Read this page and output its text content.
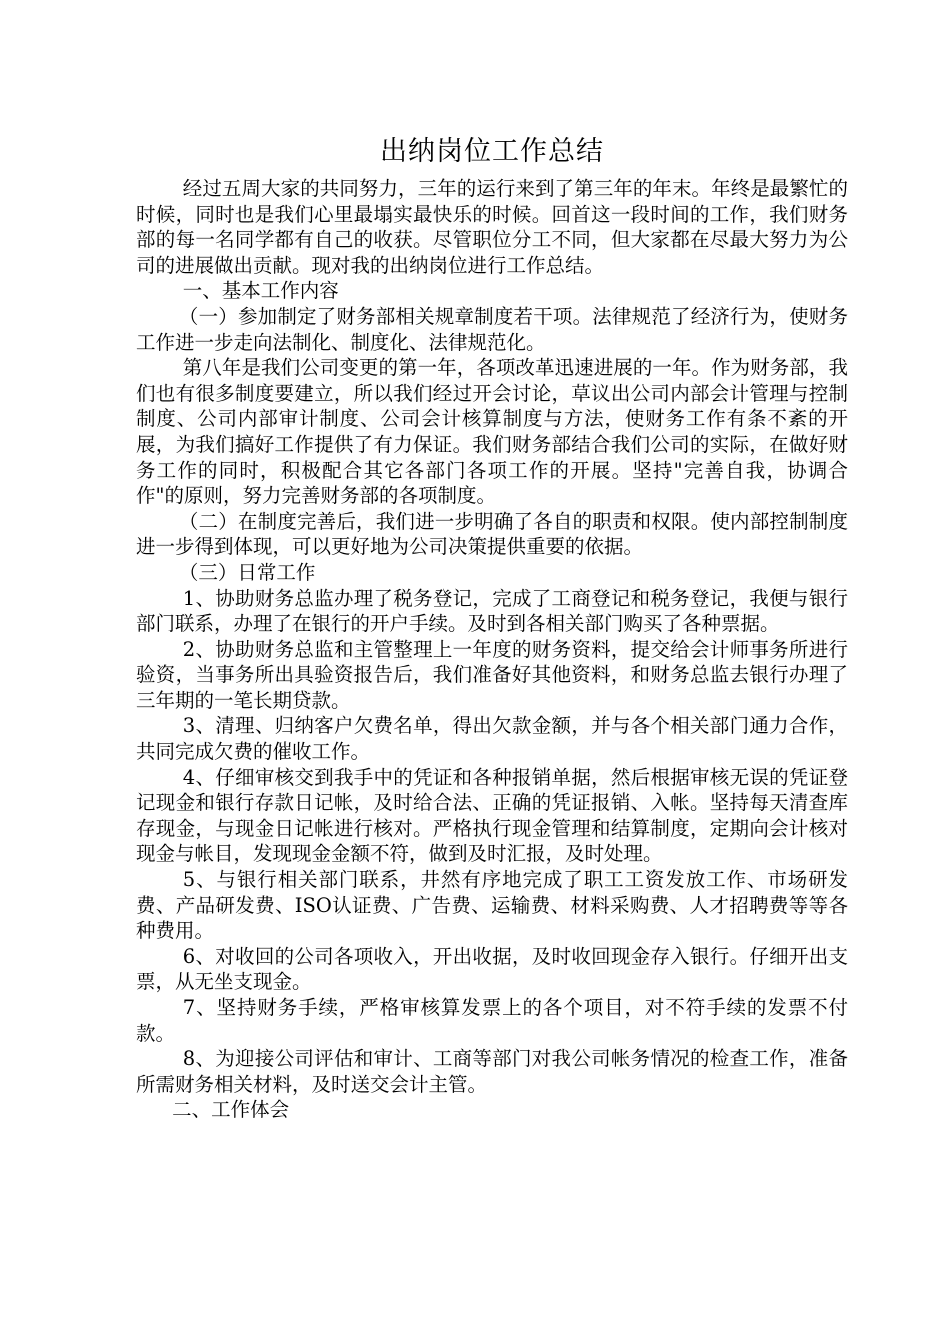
出纳岗位工作总结

经过五周大家的共同努力，三年的运行来到了第三年的年末。年终是最繁忙的时候，同时也是我们心里最塌实最快乐的时候。回首这一段时间的工作，我们财务部的每一名同学都有自己的收获。尽管职位分工不同，但大家都在尽最大努力为公司的进展做出贡献。现对我的出纳岗位进行工作总结。

一、基本工作内容

（一）参加制定了财务部相关规章制度若干项。法律规范了经济行为，使财务工作进一步走向法制化、制度化、法律规范化。

第八年是我们公司变更的第一年，各项改革迅速进展的一年。作为财务部，我们也有很多制度要建立，所以我们经过开会讨论，草议出公司内部会计管理与控制制度、公司内部审计制度、公司会计核算制度与方法，使财务工作有条不紊的开展，为我们搞好工作提供了有力保证。我们财务部结合我们公司的实际，在做好财务工作的同时，积极配合其它各部门各项工作的开展。坚持"完善自我，协调合作"的原则，努力完善财务部的各项制度。

（二）在制度完善后，我们进一步明确了各自的职责和权限。使内部控制制度进一步得到体现，可以更好地为公司决策提供重要的依据。

（三）日常工作

1、协助财务总监办理了税务登记，完成了工商登记和税务登记，我便与银行部门联系，办理了在银行的开户手续。及时到各相关部门购买了各种票据。

2、协助财务总监和主管整理上一年度的财务资料，提交给会计师事务所进行验资，当事务所出具验资报告后，我们准备好其他资料，和财务总监去银行办理了三年期的一笔长期贷款。

3、清理、归纳客户欠费名单，得出欠款金额，并与各个相关部门通力合作，共同完成欠费的催收工作。

4、仔细审核交到我手中的凭证和各种报销单据，然后根据审核无误的凭证登记现金和银行存款日记帐，及时给合法、正确的凭证报销、入帐。坚持每天清查库存现金，与现金日记帐进行核对。严格执行现金管理和结算制度，定期向会计核对现金与帐目，发现现金金额不符，做到及时汇报，及时处理。

5、与银行相关部门联系，井然有序地完成了职工工资发放工作、市场研发费、产品研发费、ISO认证费、广告费、运输费、材料采购费、人才招聘费等等各种费用。

6、对收回的公司各项收入，开出收据，及时收回现金存入银行。仔细开出支票，从无坐支现金。

7、坚持财务手续，严格审核算发票上的各个项目，对不符手续的发票不付款。

8、为迎接公司评估和审计、工商等部门对我公司帐务情况的检查工作，准备所需财务相关材料，及时送交会计主管。

二、工作体会
